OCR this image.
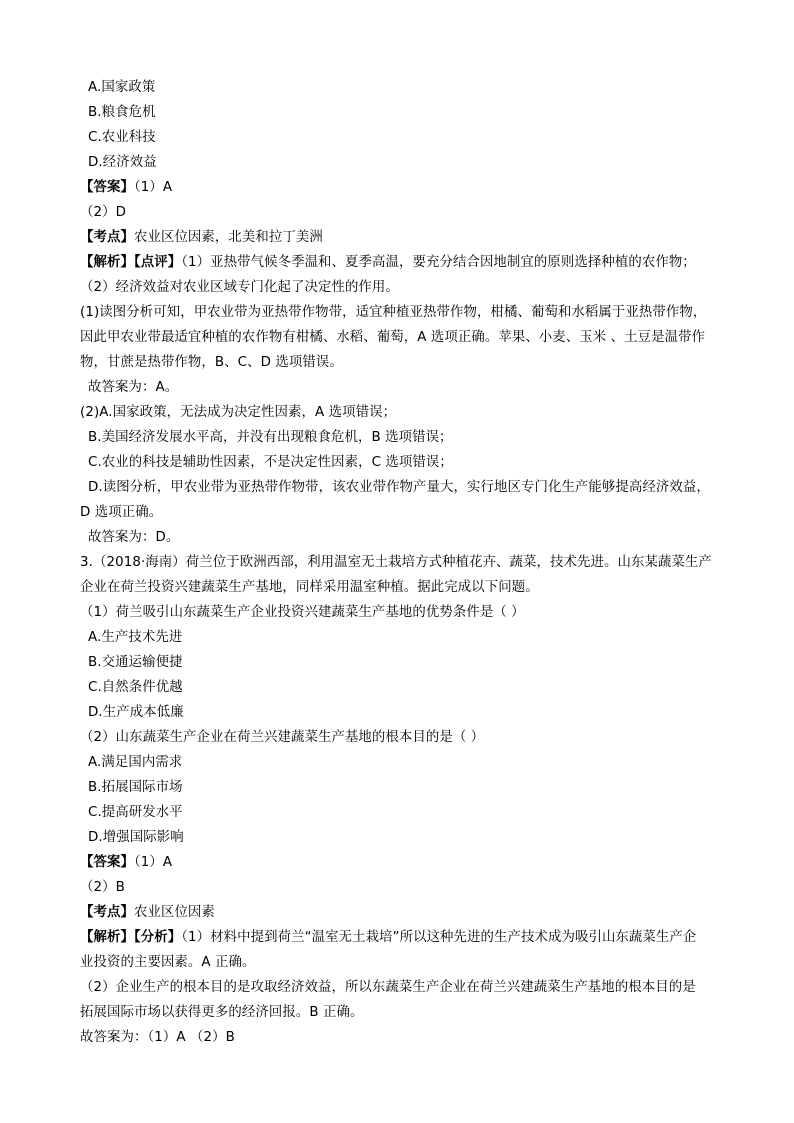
A.国家政策
B.粮食危机
C.农业科技
D.经济效益
【答案】（1）A
（2）D
【考点】农业区位因素，北美和拉丁美洲
【解析】【点评】（1）亚热带气候冬季温和、夏季高温，要充分结合因地制宜的原则选择种植的农作物；
（2）经济效益对农业区域专门化起了决定性的作用。
(1)读图分析可知，甲农业带为亚热带作物带，适宜种植亚热带作物，柑橘、葡萄和水稻属于亚热带作物，
因此甲农业带最适宜种植的农作物有柑橘、水稻、葡萄，A 选项正确。苹果、小麦、玉米 、土豆是温带作
物，甘蔗是热带作物，B、C、D 选项错误。
故答案为：A。
(2)A.国家政策，无法成为决定性因素，A 选项错误；
B.美国经济发展水平高，并没有出现粮食危机，B 选项错误；
C.农业的科技是辅助性因素，不是决定性因素，C 选项错误；
D.读图分析，甲农业带为亚热带作物带，该农业带作物产量大，实行地区专门化生产能够提高经济效益，
D 选项正确。
故答案为：D。
3.（2018·海南）荷兰位于欧洲西部，利用温室无土栽培方式种植花卉、蔬菜，技术先进。山东某蔬菜生产
企业在荷兰投资兴建蔬菜生产基地，同样采用温室种植。据此完成以下问题。
（1）荷兰吸引山东蔬菜生产企业投资兴建蔬菜生产基地的优势条件是（ ）
A.生产技术先进
B.交通运输便捷
C.自然条件优越
D.生产成本低廉
（2）山东蔬菜生产企业在荷兰兴建蔬菜生产基地的根本目的是（ ）
A.满足国内需求
B.拓展国际市场
C.提高研发水平
D.增强国际影响
【答案】（1）A
（2）B
【考点】农业区位因素
【解析】【分析】（1）材料中提到荷兰“温室无土栽培”所以这种先进的生产技术成为吸引山东蔬菜生产企
业投资的主要因素。A 正确。
（2）企业生产的根本目的是攻取经济效益，所以东蔬菜生产企业在荷兰兴建蔬菜生产基地的根本目的是
拓展国际市场以获得更多的经济回报。B 正确。
故答案为：（1）A （2）B
